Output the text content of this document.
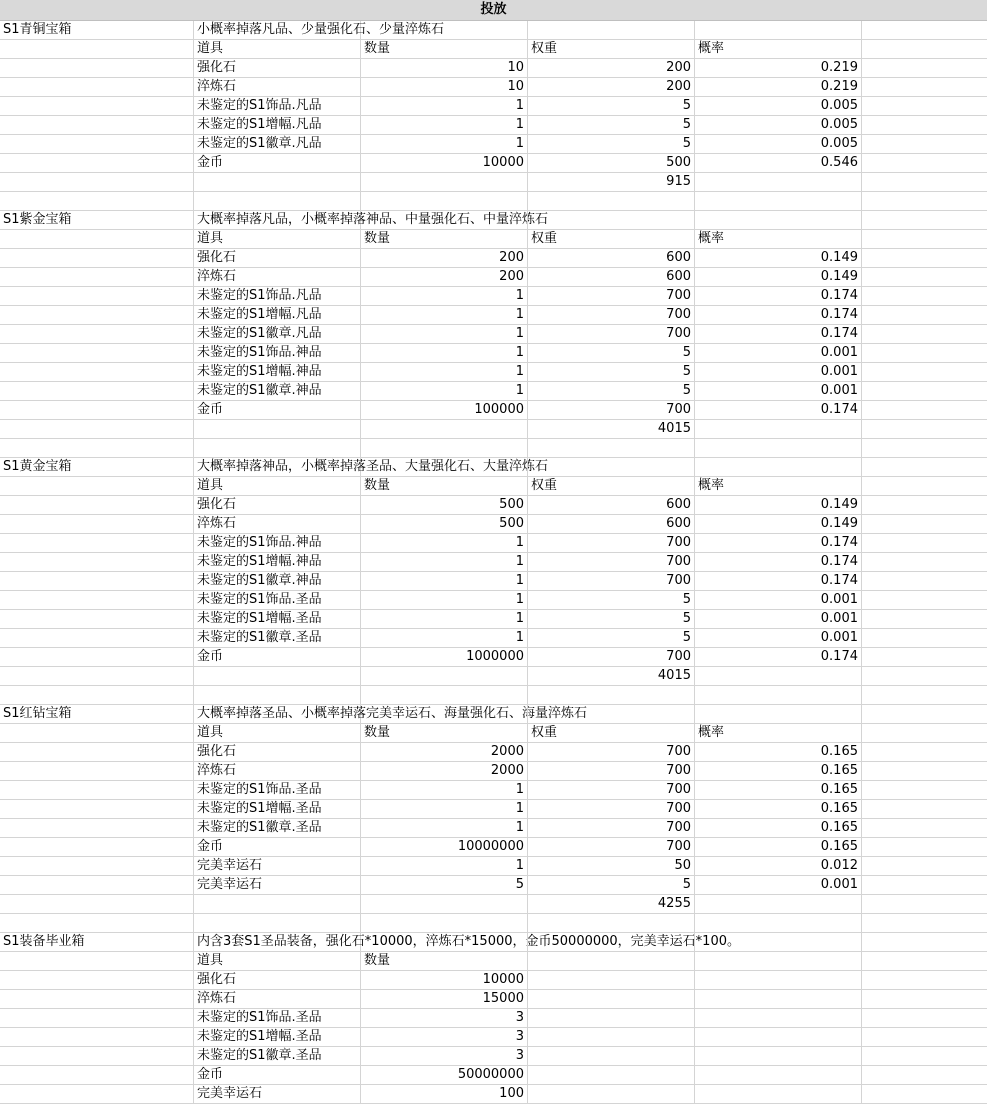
投放
S1青铜宝箱	小概率掉落凡品、少量强化石、少量淬炼石
道具	数量	权重	概率
强化石	10	200	0.219
淬炼石	10	200	0.219
未鉴定的S1饰品.凡品	1	5	0.005
未鉴定的S1增幅.凡品	1	5	0.005
未鉴定的S1徽章.凡品	1	5	0.005
金币	10000	500	0.546
915
S1紫金宝箱	大概率掉落凡品，小概率掉落神品、中量强化石、中量淬炼石
道具	数量	权重	概率
强化石	200	600	0.149
淬炼石	200	600	0.149
未鉴定的S1饰品.凡品	1	700	0.174
未鉴定的S1增幅.凡品	1	700	0.174
未鉴定的S1徽章.凡品	1	700	0.174
未鉴定的S1饰品.神品	1	5	0.001
未鉴定的S1增幅.神品	1	5	0.001
未鉴定的S1徽章.神品	1	5	0.001
金币	100000	700	0.174
4015
S1黄金宝箱	大概率掉落神品，小概率掉落圣品、大量强化石、大量淬炼石
道具	数量	权重	概率
强化石	500	600	0.149
淬炼石	500	600	0.149
未鉴定的S1饰品.神品	1	700	0.174
未鉴定的S1增幅.神品	1	700	0.174
未鉴定的S1徽章.神品	1	700	0.174
未鉴定的S1饰品.圣品	1	5	0.001
未鉴定的S1增幅.圣品	1	5	0.001
未鉴定的S1徽章.圣品	1	5	0.001
金币	1000000	700	0.174
4015
S1红钻宝箱	大概率掉落圣品、小概率掉落完美幸运石、海量强化石、海量淬炼石
道具	数量	权重	概率
强化石	2000	700	0.165
淬炼石	2000	700	0.165
未鉴定的S1饰品.圣品	1	700	0.165
未鉴定的S1增幅.圣品	1	700	0.165
未鉴定的S1徽章.圣品	1	700	0.165
金币	10000000	700	0.165
完美幸运石	1	50	0.012
完美幸运石	5	5	0.001
4255
S1装备毕业箱	内含3套S1圣品装备，强化石*10000，淬炼石*15000，金币50000000，完美幸运石*100。
道具	数量
强化石	10000
淬炼石	15000
未鉴定的S1饰品.圣品	3
未鉴定的S1增幅.圣品	3
未鉴定的S1徽章.圣品	3
金币	50000000
完美幸运石	100
